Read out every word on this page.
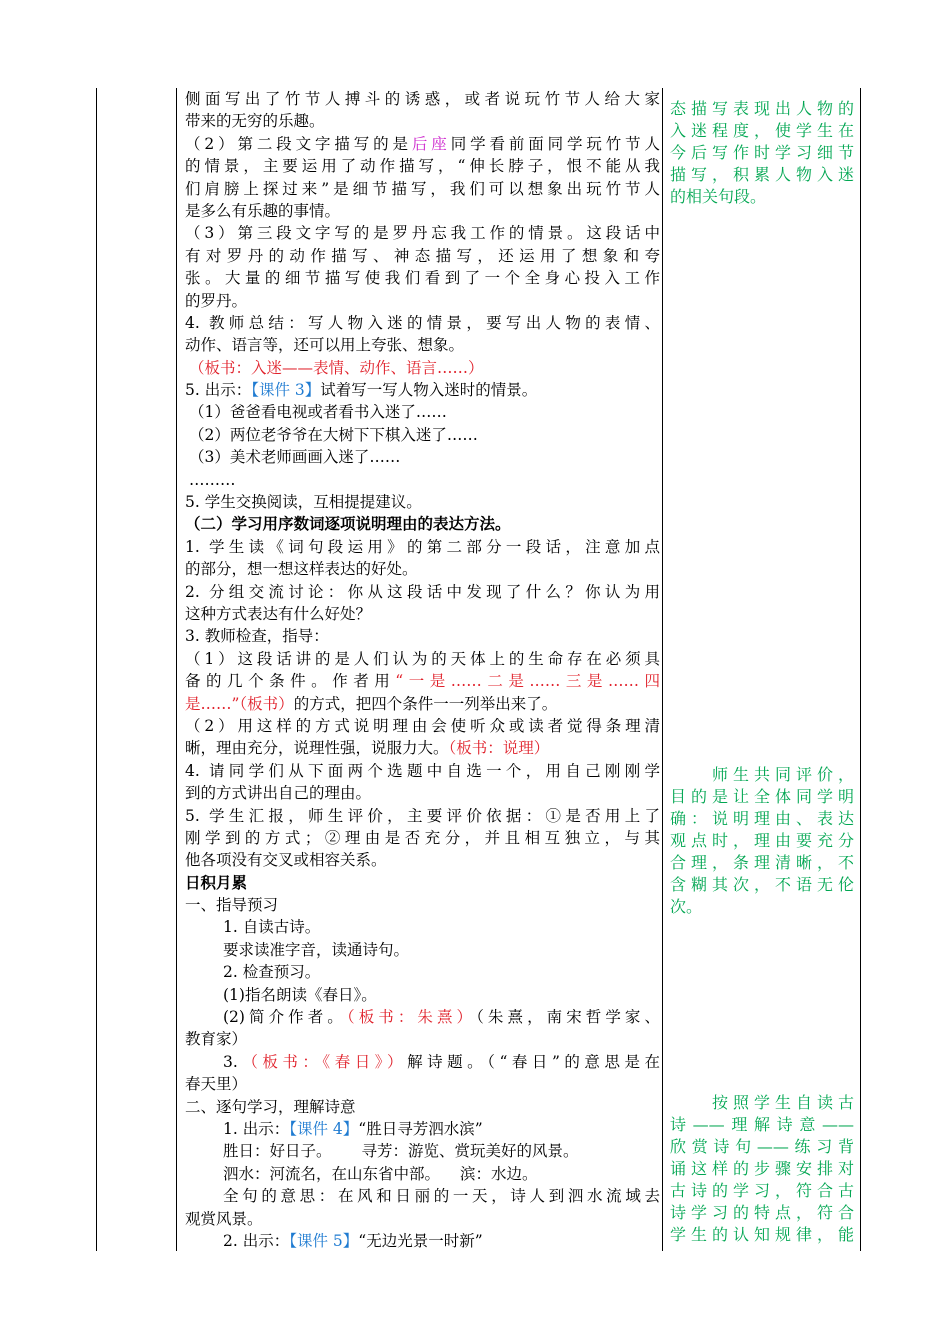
侧面写出了竹节人搏斗的诱惑，或者说玩竹节人给大家
带来的无穷的乐趣。
（2）第二段文字描写的是后座同学看前面同学玩竹节人
的情景，主要运用了动作描写，“伸长脖子，恨不能从我
们肩膀上探过来”是细节描写，我们可以想象出玩竹节人
是多么有乐趣的事情。
（3）第三段文字写的是罗丹忘我工作的情景。这段话中
有对罗丹的动作描写、神态描写，还运用了想象和夸
张。大量的细节描写使我们看到了一个全身心投入工作
的罗丹。
4. 教师总结：写人物入迷的情景，要写出人物的表情、
动作、语言等，还可以用上夸张、想象。
（板书：入迷——表情、动作、语言……）
5. 出示：【课件 3】试着写一写人物入迷时的情景。
（1）爸爸看电视或者看书入迷了……
（2）两位老爷爷在大树下下棋入迷了……
（3）美术老师画画入迷了……
………
5. 学生交换阅读，互相提提建议。
（二）学习用序数词逐项说明理由的表达方法。
1. 学生读《词句段运用》的第二部分一段话，注意加点
的部分，想一想这样表达的好处。
2. 分组交流讨论：你从这段话中发现了什么？你认为用
这种方式表达有什么好处？
3. 教师检查，指导：
（1）这段话讲的是人们认为的天体上的生命存在必须具
备的几个条件。作者用“一是……二是……三是……四
是……”（板书）的方式，把四个条件一一列举出来了。
（2）用这样的方式说明理由会使听众或读者觉得条理清
晰，理由充分，说理性强，说服力大。（板书：说理）
4. 请同学们从下面两个选题中自选一个，用自己刚刚学
到的方式讲出自己的理由。
5. 学生汇报，师生评价，主要评价依据：①是否用上了
刚学到的方式；②理由是否充分，并且相互独立，与其
他各项没有交叉或相容关系。
日积月累
一、指导预习
1. 自读古诗。
要求读准字音，读通诗句。
2. 检查预习。
(1)指名朗读《春日》。
(2)简介作者。（板书：朱熹）（朱熹，南宋哲学家、
教育家）
3.（板书：《春日》）解诗题。（“春日”的意思是在
春天里）
二、逐句学习，理解诗意
1. 出示：【课件 4】“胜日寻芳泗水滨”
胜日：好日子。 寻芳：游览、赏玩美好的风景。
泗水：河流名，在山东省中部。 滨：水边。
全句的意思：在风和日丽的一天，诗人到泗水流域去
观赏风景。
2. 出示：【课件 5】“无边光景一时新”
态描写表现出人物的
入迷程度，使学生在
今后写作时学习细节
描写，积累人物入迷
的相关句段。
　　师生共同评价，
目的是让全体同学明
确：说明理由、表达
观点时，理由要充分
合理，条理清晰，不
含糊其次，不语无伦
次。
　　按照学生自读古
诗——理解诗意——
欣赏诗句——练习背
诵这样的步骤安排对
古诗的学习，符合古
诗学习的特点，符合
学生的认知规律，能
